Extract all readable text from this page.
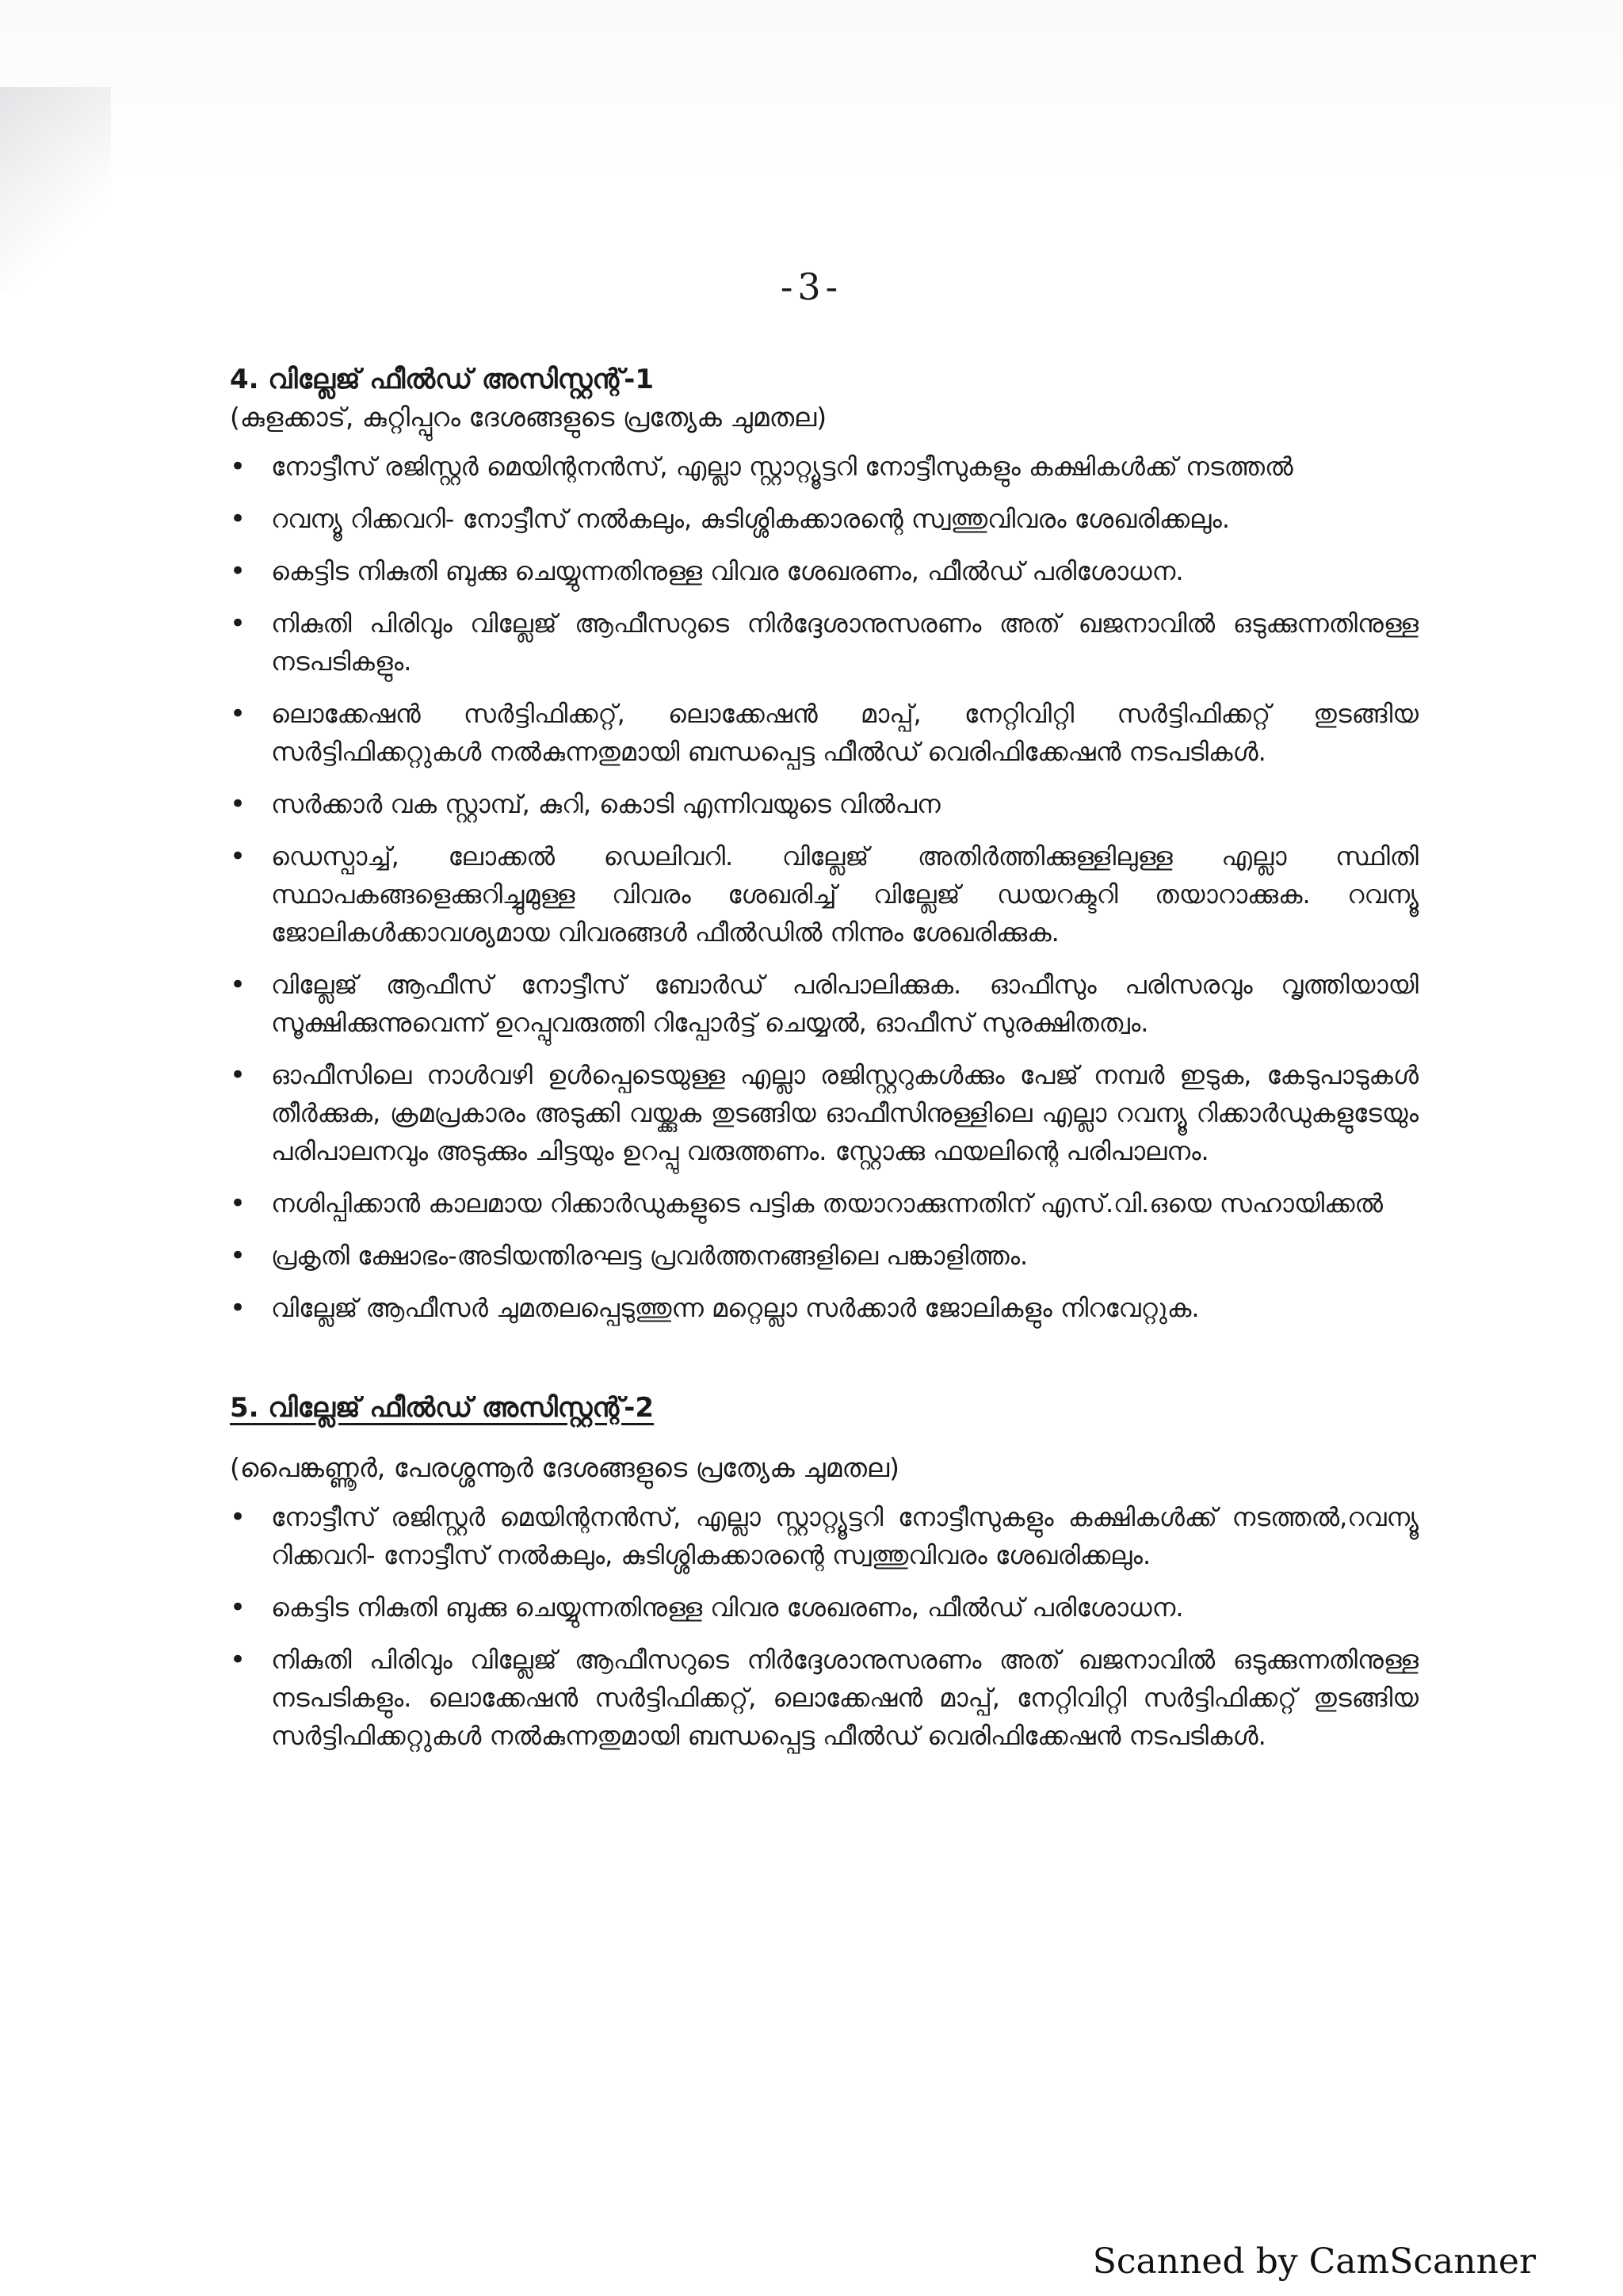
-3-
4. വില്ലേജ് ഫീൽഡ് അസിസ്റ്റന്റ്-1
(കുളക്കാട്, കുറ്റിപ്പുറം ദേശങ്ങളുടെ പ്രത്യേക ചുമതല)
• നോട്ടീസ് രജിസ്റ്റർ മെയിന്റനൻസ്, എല്ലാ സ്റ്റാറ്റ്യൂട്ടറി നോട്ടീസുകളും കക്ഷികൾക്ക് നടത്തൽ
• റവന്യൂ റിക്കവറി- നോട്ടീസ് നൽകലും, കുടിശ്ശികക്കാരന്റെ സ്വത്തുവിവരം ശേഖരിക്കലും.
• കെട്ടിട നികുതി ബുക്കു ചെയ്യുന്നതിനുള്ള വിവര ശേഖരണം, ഫീൽഡ് പരിശോധന.
• നികുതി പിരിവും വില്ലേജ് ആഫീസറുടെ നിർദ്ദേശാനുസരണം അത് ഖജനാവിൽ ഒടുക്കുന്നതിനുള്ള നടപടികളും.
• ലൊക്കേഷൻ സർട്ടിഫിക്കറ്റ്, ലൊക്കേഷൻ മാപ്പ്, നേറ്റിവിറ്റി സർട്ടിഫിക്കറ്റ് തുടങ്ങിയ സർട്ടിഫിക്കറ്റുകൾ നൽകുന്നതുമായി ബന്ധപ്പെട്ട ഫീൽഡ് വെരിഫിക്കേഷൻ നടപടികൾ.
• സർക്കാർ വക സ്റ്റാമ്പ്, കുറി, കൊടി എന്നിവയുടെ വിൽപന
• ഡെസ്പാച്ച്, ലോക്കൽ ഡെലിവറി. വില്ലേജ് അതിർത്തിക്കുള്ളിലുള്ള എല്ലാ സ്ഥിതി സ്ഥാപകങ്ങളെക്കുറിച്ചുമുള്ള വിവരം ശേഖരിച്ച് വില്ലേജ് ഡയറക്ടറി തയാറാക്കുക. റവന്യൂ ജോലികൾക്കാവശ്യമായ വിവരങ്ങൾ ഫീൽഡിൽ നിന്നും ശേഖരിക്കുക.
• വില്ലേജ് ആഫീസ് നോട്ടീസ് ബോർഡ് പരിപാലിക്കുക. ഓഫീസും പരിസരവും വൃത്തിയായി സൂക്ഷിക്കുന്നുവെന്ന് ഉറപ്പുവരുത്തി റിപ്പോർട്ട് ചെയ്യൽ, ഓഫീസ് സുരക്ഷിതത്വം.
• ഓഫീസിലെ നാൾവഴി ഉൾപ്പെടെയുള്ള എല്ലാ രജിസ്റ്ററുകൾക്കും പേജ് നമ്പർ ഇടുക, കേടുപാടുകൾ തീർക്കുക, ക്രമപ്രകാരം അടുക്കി വയ്ക്കുക തുടങ്ങിയ ഓഫീസിനുള്ളിലെ എല്ലാ റവന്യൂ റിക്കാർഡുകളുടേയും പരിപാലനവും അടുക്കും ചിട്ടയും ഉറപ്പു വരുത്തണം. സ്റ്റോക്കു ഫയലിന്റെ പരിപാലനം.
• നശിപ്പിക്കാൻ കാലമായ റിക്കാർഡുകളുടെ പട്ടിക തയാറാക്കുന്നതിന് എസ്.വി.ഒയെ സഹായിക്കൽ
• പ്രകൃതി ക്ഷോഭം-അടിയന്തിരഘട്ട പ്രവർത്തനങ്ങളിലെ പങ്കാളിത്തം.
• വില്ലേജ് ആഫീസർ ചുമതലപ്പെടുത്തുന്ന മറ്റെല്ലാ സർക്കാർ ജോലികളും നിറവേറ്റുക.
5. വില്ലേജ് ഫീൽഡ് അസിസ്റ്റന്റ്-2
(പൈങ്കണ്ണൂർ, പേരശ്ശന്നൂർ ദേശങ്ങളുടെ പ്രത്യേക ചുമതല)
• നോട്ടീസ് രജിസ്റ്റർ മെയിന്റനൻസ്, എല്ലാ സ്റ്റാറ്റ്യൂട്ടറി നോട്ടീസുകളും കക്ഷികൾക്ക് നടത്തൽ,റവന്യൂ റിക്കവറി- നോട്ടീസ് നൽകലും, കുടിശ്ശികക്കാരന്റെ സ്വത്തുവിവരം ശേഖരിക്കലും.
• കെട്ടിട നികുതി ബുക്കു ചെയ്യുന്നതിനുള്ള വിവര ശേഖരണം, ഫീൽഡ് പരിശോധന.
• നികുതി പിരിവും വില്ലേജ് ആഫീസറുടെ നിർദ്ദേശാനുസരണം അത് ഖജനാവിൽ ഒടുക്കുന്നതിനുള്ള നടപടികളും. ലൊക്കേഷൻ സർട്ടിഫിക്കറ്റ്, ലൊക്കേഷൻ മാപ്പ്, നേറ്റിവിറ്റി സർട്ടിഫിക്കറ്റ് തുടങ്ങിയ സർട്ടിഫിക്കറ്റുകൾ നൽകുന്നതുമായി ബന്ധപ്പെട്ട ഫീൽഡ് വെരിഫിക്കേഷൻ നടപടികൾ.
Scanned by CamScanner
